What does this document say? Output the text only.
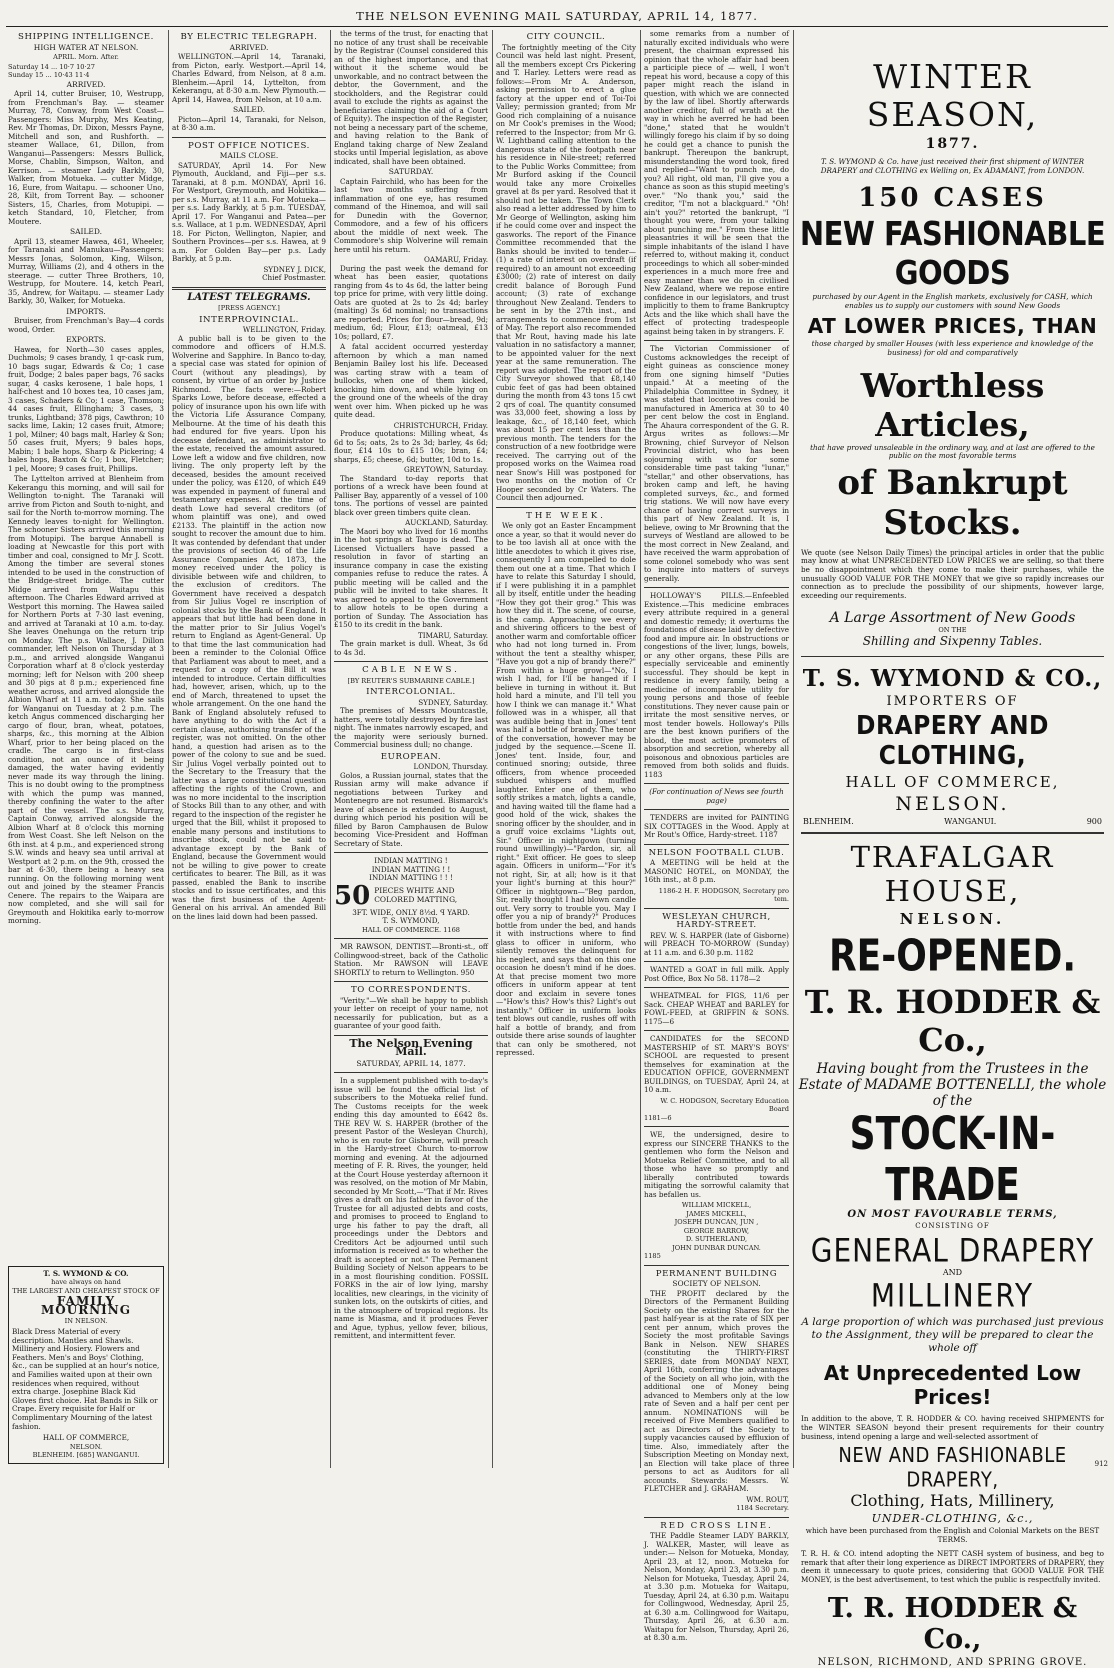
THE NELSON EVENING MAIL SATURDAY, APRIL 14, 1877.
SHIPPING INTELLIGENCE.
HIGH WATER AT NELSON.
APRIL. Morn. After.
Saturday 14 ... 10·7 10·27
Sunday 15 ... 10·43 11·4
ARRIVED.

April 14, cutter Bruiser, 10, Westrupp, from Frenchman's Bay. — steamer Murray, 78, Conway, from West Coast—Passengers: Miss Murphy, Mrs Keating, Rev. Mr Thomas, Dr. Dixon, Messrs Payne, Mitchell and son, and Rushforth. — steamer Wallace, 61, Dillon, from Wanganui—Passengers: Messrs Bullick, Morse, Chablin, Simpson, Walton, and Kerrison. — steamer Lady Barkly, 30, Walker, from Motueka. — cutter Midge, 16, Eure, from Waitapu. — schooner Uno, 28, Kilt, from Torrent Bay. — schooner Sisters, 15, Charles, from Motupipi. — ketch Standard, 10, Fletcher, from Moutere.

SAILED.

April 13, steamer Hawea, 461, Wheeler, for Taranaki and Manukau—Passengers: Messrs Jonas, Solomon, King, Wilson, Murray, Williams (2), and 4 others in the steerage. — cutter Three Brothers, 10, Westrupp, for Moutere. 14, ketch Pearl, 35, Andrew, for Waitapu. — steamer Lady Barkly, 30, Walker, for Motueka.

IMPORTS.

Bruiser, from Frenchman's Bay—4 cords wood, Order.

EXPORTS.

Hawea, for North—30 cases apples, Duchmols; 9 cases brandy, 1 qr-cask rum, 10 bags sugar, Edwards & Co; 1 case fruit, Dodge; 2 bales paper bags, 76 sacks sugar, 4 casks kerosene, 1 bale hops, 1 half-chest and 10 boxes tea, 10 cases jam, 3 cases, Schaders & Co; 1 case, Thomson; 44 cases fruit, Ellingham; 3 cases, 3 trunks, Lightband; 378 pigs, Cawthron; 10 sacks lime, Lakin; 12 cases fruit, Atmore; 1 pol, Milner; 40 bags malt, Harley & Son; 50 cases fruit, Myers; 9 bales hops, Mabin; 1 bale hops, Sharp & Pickering; 4 bales hops, Baxton & Co; 1 box, Fletcher; 1 pel, Moore; 9 cases fruit, Phillips.

The Lyttelton arrived at Blenheim from Kekerangu this morning, and will sail for Wellington to-night. The Taranaki will arrive from Picton and South to-night, and sail for the North to-morrow morning. The Kennedy leaves to-night for Wellington. The schooner Sisters arrived this morning from Motupipi. The barque Annabell is loading at Newcastle for this port with timber and coal, consigned to Mr J. Scott. Among the timber are several stones intended to be used in the construction of the Bridge-street bridge. The cutter Midge arrived from Waitapu this afternoon. The Charles Edward arrived at Westport this morning. The Hawea sailed for Northern Ports at 7·30 last evening, and arrived at Taranaki at 10 a.m. to-day. She leaves Onehunga on the return trip on Monday. The p.s. Wallace, J. Dillon commander, left Nelson on Thursday at 3 p.m., and arrived alongside Wanganui Corporation wharf at 8 o'clock yesterday morning; left for Nelson with 200 sheep and 30 pigs at 8 p.m.; experienced fine weather across, and arrived alongside the Albion Wharf at 11 a.m. today. She sails for Wanganui on Tuesday at 2 p.m. The ketch Angus commenced discharging her cargo of flour, bran, wheat, potatoes, sharps, &c., this morning at the Albion Wharf, prior to her being placed on the cradle. The cargo is in first-class condition, not an ounce of it being damaged, the water having evidently never made its way through the lining. This is no doubt owing to the promptness with which the pump was manned, thereby confining the water to the after part of the vessel. The s.s. Murray, Captain Conway, arrived alongside the Albion Wharf at 8 o'clock this morning from West Coast. She left Nelson on the 6th inst. at 4 p.m., and experienced strong S.W. winds and heavy sea until arrival at Westport at 2 p.m. on the 9th, crossed the bar at 6·30, there being a heavy sea running. On the following morning went out and joined by the steamer Francis Cenere. The repairs to the Waipara are now completed, and she will sail for Greymouth and Hokitika early to-morrow morning.

T. S. WYMOND & CO.
have always on hand
THE LARGEST AND CHEAPEST STOCK OF
FAMILY MOURNING
IN NELSON.
Black Dress Material of every description. Mantles and Shawls. Millinery and Hosiery. Flowers and Feathers. Men's and Boys' Clothing, &c., can be supplied at an hour's notice, and Families waited upon at their own residences when required, without extra charge. Josephine Black Kid Gloves first choice. Hat Bands in Silk or Crape. Every requisite for Half or Complimentary Mourning of the latest fashion.
HALL OF COMMERCE,
NELSON.
BLENHEIM. [685] WANGANUI.
BY ELECTRIC TELEGRAPH.
ARRIVED.

WELLINGTON.—April 14, Taranaki, from Picton, early. Westport.—April 14, Charles Edward, from Nelson, at 8 a.m. Blenheim.—April 14, Lyttelton, from Kekerangu, at 8·30 a.m. New Plymouth.—April 14, Hawea, from Nelson, at 10 a.m.

SAILED.

Picton—April 14, Taranaki, for Nelson, at 8·30 a.m.

POST OFFICE NOTICES.
MAILS CLOSE.

SATURDAY, April 14. For New Plymouth, Auckland, and Fiji—per s.s. Taranaki, at 8 p.m. MONDAY, April 16. For Westport, Greymouth, and Hokitika—per s.s. Murray, at 11 a.m. For Motueka—per s.s. Lady Barkly, at 5 p.m. TUESDAY, April 17. For Wanganui and Patea—per s.s. Wallace, at 1 p.m. WEDNESDAY, April 18. For Picton, Wellington, Napier, and Southern Provinces—per s.s. Hawea, at 9 a.m. For Golden Bay—per p.s. Lady Barkly, at 5 p.m.

SYDNEY J. DICK,
Chief Postmaster.
LATEST TELEGRAMS.
[PRESS AGENCY.]
INTERPROVINCIAL.
WELLINGTON, Friday.

A public ball is to be given to the commodore and officers of H.M.S. Wolverine and Sapphire. In Banco to-day, a special case was stated for opinion of Court (without any pleadings), by consent, by virtue of an order by Justice Richmond. The facts were:—Robert Sparks Lowe, before decease, effected a policy of insurance upon his own life with the Victoria Life Assurance Company, Melbourne. At the time of his death this had endured for five years. Upon his decease defendant, as administrator to the estate, received the amount assured. Lowe left a widow and five children, now living. The only property left by the deceased, besides the amount received under the policy, was £120, of which £49 was expended in payment of funeral and testamentary expenses. At the time of death Lowe had several creditors (of whom plaintiff was one), and owed £2133. The plaintiff in the action now sought to recover the amount due to him. It was contended by defendant that under the provisions of section 46 of the Life Assurance Companies Act, 1873, the money received under the policy is divisible between wife and children, to the exclusion of creditors. The Government have received a despatch from Sir Julius Vogel re inscription of colonial stocks by the Bank of England. It appears that but little had been done in the matter prior to Sir Julius Vogel's return to England as Agent-General. Up to that time the last communication had been a reminder to the Colonial Office that Parliament was about to meet, and a request for a copy of the Bill it was intended to introduce. Certain difficulties had, however, arisen, which, up to the end of March, threatened to upset the whole arrangement. On the one hand the Bank of England absolutely refused to have anything to do with the Act if a certain clause, authorising transfer of the register, was not omitted. On the other hand, a question had arisen as to the power of the colony to sue and be sued. Sir Julius Vogel verbally pointed out to the Secretary to the Treasury that the latter was a large constitutional question affecting the rights of the Crown, and was no more incidental to the inscription of Stocks Bill than to any other, and with regard to the inspection of the register he urged that the Bill, whilst it proposed to enable many persons and institutions to inscribe stock, could not be said to advantage except by the Bank of England, because the Government would not be willing to give power to create certificates to bearer. The Bill, as it was passed, enabled the Bank to inscribe stocks and to issue certificates, and this was the first business of the Agent-General on his arrival. An amended Bill on the lines laid down had been passed.

the terms of the trust, for enacting that no notice of any trust shall be receivable by the Registrar (Counsel considered this an of the highest importance, and that without it the scheme would be unworkable, and no contract between the debtor, the Government, and the stockholders, and the Registrar could avail to exclude the rights as against the beneficiaries claiming the aid of a Court of Equity). The inspection of the Register, not being a necessary part of the scheme, and having relation to the Bank of England taking charge of New Zealand stocks until Imperial legislation, as above indicated, shall have been obtained.

SATURDAY.

Captain Fairchild, who has been for the last two months suffering from inflammation of one eye, has resumed command of the Hinemoa, and will sail for Dunedin with the Governor, Commodore, and a few of his officers about the middle of next week. The Commodore's ship Wolverine will remain here until his return.

OAMARU, Friday.

During the past week the demand for wheat has been easier, quotations ranging from 4s to 4s 6d, the latter being top price for prime, with very little doing. Oats are quoted at 2s to 2s 4d; barley (malting) 3s 6d nominal; no transactions are reported. Prices for flour—bread, 9d; medium, 6d; Flour, £13; oatmeal, £13 10s; pollard, £7.

A fatal accident occurred yesterday afternoon by which a man named Benjamin Bailey lost his life. Deceased was carting straw with a team of bullocks, when one of them kicked, knocking him down, and while lying on the ground one of the wheels of the dray went over him. When picked up he was quite dead.

CHRISTCHURCH, Friday.

Produce quotations: Milling wheat, 4s 6d to 5s; oats, 2s to 2s 3d; barley, 4s 6d; flour, £14 10s to £15 10s; bran, £4; sharps, £5; cheese, 6d; butter, 10d to 1s.

GREYTOWN, Saturday.

The Standard to-day reports that portions of a wreck have been found at Palliser Bay, apparently of a vessel of 100 tons. The portions of vessel are painted black over green timbers quite clean.

AUCKLAND, Saturday.

The Maori boy who lived for 16 months in the hot springs at Taupo is dead. The Licensed Victuallers have passed a resolution in favor of starting an insurance company in case the existing companies refuse to reduce the rates. A public meeting will be called and the public will be invited to take shares. It was agreed to appeal to the Government to allow hotels to be open during a portion of Sunday. The Association has £150 to its credit in the bank.

TIMARU, Saturday.

The grain market is dull. Wheat, 3s 6d to 4s 3d.

CABLE NEWS.
[BY REUTER'S SUBMARINE CABLE.]
INTERCOLONIAL.
SYDNEY, Saturday.

The premises of Messrs Mountcastle, hatters, were totally destroyed by fire last night. The inmates narrowly escaped, and the majority were seriously burned. Commercial business dull; no change.

EUROPEAN.
LONDON, Thursday.

Golos, a Russian journal, states that the Russian army will make advance if negotiations between Turkey and Montenegro are not resumed. Bismarck's leave of absence is extended to August, during which period his position will be filled by Baron Camphausen de Bulow becoming Vice-President and Hoffman Secretary of State.

INDIAN MATTING !
INDIAN MATTING ! !
INDIAN MATTING ! ! !
50 PIECES WHITE AND COLORED MATTING,
3FT. WIDE, ONLY 8½d. ꟼ YARD.
T. S. WYMOND,
HALL OF COMMERCE. 1168

MR RAWSON, DENTIST.—Bronti-st., off Collingwood-street, back of the Catholic Station. Mr RAWSON will LEAVE SHORTLY to return to Wellington. 950

TO CORRESPONDENTS.

"Verity."—We shall be happy to publish your letter on receipt of your name, not necessarily for publication, but as a guarantee of your good faith.

The Nelson Evening Mail.
SATURDAY, APRIL 14, 1877.

In a supplement published with to-day's issue will be found the official list of subscribers to the Motueka relief fund. The Customs receipts for the week ending this day amounted to £642 8s. THE REV W. S. HARPER (brother of the present Pastor of the Wesleyan Church), who is en route for Gisborne, will preach in the Hardy-street Church to-morrow morning and evening. At the adjourned meeting of F. R. Rives, the younger, held at the Court House yesterday afternoon it was resolved, on the motion of Mr Mabin, seconded by Mr Scott,—"That if Mr. Rives gives a draft on his father in favor of the Trustee for all adjusted debts and costs, and promises to proceed to England to urge his father to pay the draft, all proceedings under the Debtors and Creditors Act be adjourned until such information is received as to whether the draft is accepted or not." The Permanent Building Society of Nelson appears to be in a most flourishing condition. FOSSIL FORKS in the air of low lying, marshy localities, new clearings, in the vicinity of sunken lots, on the outskirts of cities, and in the atmosphere of tropical regions. Its name is Miasma, and it produces Fever and Ague, typhus, yellow fever, bilious, remittent, and intermittent fever.

CITY COUNCIL.

The fortnightly meeting of the City Council was held last night. Present, all the members except Crs Pickering and T. Harley. Letters were read as follows:—From Mr A. Anderson, asking permission to erect a glue factory at the upper end of Toi-Toi Valley; permission granted; from Mr Good rich complaining of a nuisance on Mr Cook's premises in the Wood; referred to the Inspector; from Mr G. W. Lightband calling attention to the dangerous state of the footpath near his residence in Nile-street; referred to the Public Works Committee; from Mr Burford asking if the Council would take any more Croixelles gravel at 8s per yard. Resolved that it should not be taken. The Town Clerk also read a letter addressed by him to Mr George of Wellington, asking him if he could come over and inspect the gasworks. The report of the Finance Committee recommended that the Banks should be invited to tender—(1) a rate of interest on overdraft (if required) to an amount not exceeding £3000; (2) rate of interest on daily credit balance of Borough Fund account; (3) rate of exchange throughout New Zealand. Tenders to be sent in by the 27th inst., and arrangements to commence from 1st of May. The report also recommended that Mr Rout, having made his late valuation in no satisfactory a manner, to be appointed valuer for the next year at the same remuneration. The report was adopted. The report of the City Surveyor showed that £8,140 cubic feet of gas had been obtained during the month from 43 tons 15 cwt 2 qrs of coal. The quantity consumed was 33,000 feet, showing a loss by leakage, &c., of 18,140 feet, which was about 15 per cent less than the previous month. The tenders for the construction of a new footbridge were received. The carrying out of the proposed works on the Waimea road near Snow's Hill was postponed for two months on the motion of Cr Hooper seconded by Cr Waters. The Council then adjourned.

THE WEEK.

We only got an Easter Encampment once a year, so that it would never do to be too lavish all at once with the little anecdotes to which it gives rise, consequently I am compelled to dole them out one at a time. That which I have to relate this Saturday I should, if I were publishing it in a pamphlet all by itself, entitle under the heading "How they got their grog." This was how they did it. The scene, of course, is the camp. Approaching we every and shivering officers to the best of another warm and comfortable officer who had not long turned in. From without the tent a stealthy whisper, "Have you got a nip of brandy there?" From within a huge growl—"No, I wish I had, for I'll be hanged if I believe in turning in without it. But hold hard a minute, and I'll tell you how I think we can manage it." What followed was in a whisper, all that was audible being that in Jones' tent was half a bottle of brandy. The tenor of the conversation, however may be judged by the sequence.—Scene II. Jones' tent. Inside, four, and continued snoring; outside, three officers, from whence proceeded subdued whispers and muffled laughter. Enter one of them, who softly strikes a match, lights a candle, and having waited till the flame had a good hold of the wick, shakes the snoring officer by the shoulder, and in a gruff voice exclaims "Lights out, Sir." Officer in nightgown (turning round unwillingly)—"Pardon, sir, all right." Exit officer. He goes to sleep again. Officers in uniform—"For it's not right, Sir, at all; how is it that your light's burning at this hour?" Officer in nightgown—"Beg pardon, Sir, really thought I had blown candle out. Very sorry to trouble you. May I offer you a nip of brandy?" Produces bottle from under the bed, and hands it with instructions where to find glass to officer in uniform, who silently removes the delinquent for his neglect, and says that on this one occasion he doesn't mind if he does. At that precise moment two more officers in uniform appear at tent door and exclaim in severe tones—"How's this? How's this? Light's out instantly." Officer in uniform looks tent blows out candle, rushes off with half a bottle of brandy, and from outside there arise sounds of laughter that can only be smothered, not repressed.

some remarks from a number of naturally excited individuals who were present, the chairman expressed his opinion that the whole affair had been a participle piece of — well, I won't repeat his word, because a copy of this paper might reach the island in question, with which we are connected by the law of libel. Shortly afterwards another creditor, full of wrath at the way in which he averred he had been "done," stated that he wouldn't willingly forego his claim if by so doing he could get a chance to punish the bankrupt. Thereupon the bankrupt, misunderstanding the word took, fired and replied—"Want to punch me, do you? All right, old man, I'll give you a chance as soon as this stupid meeting's over." "No thank you," said the creditor, "I'm not a blackguard." "Oh! ain't you?" retorted the bankrupt, "I thought you were, from your talking about punching me." From these little pleasantries it will be seen that the simple inhabitants of the island I have referred to, without making it, conduct proceedings to which all sober-minded experiences in a much more free and easy manner than we do in civilised New Zealand, where we repose entire confidence in our legislators, and trust implicitly to them to frame Bankruptcy Acts and the like which shall have the effect of protecting tradespeople against being taken in by strangers. F.

The Victorian Commissioner of Customs acknowledges the receipt of eight guineas as conscience money from one signing himself "Duties unpaid." At a meeting of the Philadelphia Committee in Sydney, it was stated that locomotives could be manufactured in America at 30 to 40 per cent below the cost in England. The Ahaura correspondent of the G. R. Argus writes as follows:—Mr Browning, chief Surveyor of Nelson Provincial district, who has been sojourning with us for some considerable time past taking "lunar," "stellar," and other observations, has broken camp and left, he having completed surveys, &c., and formed trig stations. We will now have every chance of having correct surveys in this part of New Zealand. It is, I believe, owing to Mr Browning that the surveys of Westland are allowed to be the most correct in New Zealand, and have received the warm approbation of some colonel somebody who was sent to inquire into matters of surveys generally.

HOLLOWAY'S PILLS.—Enfeebled Existence.—This medicine embraces every attribute required in a general and domestic remedy; it overturns the foundations of disease laid by defective food and impure air. In obstructions or congestions of the liver, lungs, bowels, or any other organs, these Pills are especially serviceable and eminently successful. They should be kept in residence in every family, being a medicine of incomparable utility for young persons and those of feeble constitutions. They never cause pain or irritate the most sensitive nerves, or most tender bowels. Holloway's Pills are the best known purifiers of the blood, the most active promoters of absorption and secretion, whereby all poisonous and obnoxious particles are removed from both solids and fluids. 1183

(For continuation of News see fourth page)

TENDERS are invited for PAINTING SIX COTTAGES in the Wood. Apply at Mr Rout's Office, Hardy-street. 1187

NELSON FOOTBALL CLUB.

A MEETING will be held at the MASONIC HOTEL, on MONDAY, the 16th inst., at 8 p.m.

1186-2 H. F. HODGSON, Secretary pro tem.
WESLEYAN CHURCH, HARDY-STREET.

REV. W. S. HARPER (late of Gisborne) will PREACH TO-MORROW (Sunday) at 11 a.m. and 6.30 p.m. 1182

WANTED a GOAT in full milk. Apply Post Office, Box No 58. 1178—2

WHEATMEAL for FIGS, 11/6 per Sack. CHEAP WHEAT and BARLEY for FOWL-FEED, at GRIFFIN & SONS. 1175—6

CANDIDATES for the SECOND MASTERSHIP of ST. MARY'S BOYS' SCHOOL are requested to present themselves for examination at the EDUCATION OFFICE, GOVERNMENT BUILDINGS, on TUESDAY, April 24, at 10 a.m.

W. C. HODGSON, Secretary Education Board
1181—6

WE, the undersigned, desire to express our SINCERE THANKS to the gentlemen who form the Nelson and Motueka Relief Committee, and to all those who have so promptly and liberally contributed towards mitigating the sorrowful calamity that has befallen us.

WILLIAM MICKELL,
JAMES MICKELL,
JOSEPH DUNCAN, JUN ,
GEORGE BARROW,
D. SUTHERLAND,
JOHN DUNBAR DUNCAN.
1185
PERMANENT BUILDING
SOCIETY OF NELSON.

THE PROFIT declared by the Directors of the Permanent Building Society on the existing Shares for the past half-year is at the rate of SIX per cent per annum, which proves the Society the most profitable Savings Bank in Nelson. NEW SHARES (constituting the THIRTY-FIRST SERIES, date from MONDAY NEXT, April 16th, conferring the advantages of the Society on all who join, with the additional one of Money being advanced to Members only at the low rate of Seven and a half per cent per annum. NOMINATIONS will be received of Five Members qualified to act as Directors of the Society to supply vacancies caused by effluxion of time. Also, immediately after the Subscription Meeting on Monday next, an Election will take place of three persons to act as Auditors for all accounts. Stewards: Messrs. W. FLETCHER and J. GRAHAM.

WM. ROUT,
1184 Secretary.
RED CROSS LINE.

THE Paddle Steamer LADY BARKLY, J. WALKER, Master, will leave as under:— Nelson for Motueka, Monday, April 23, at 12, noon. Motueka for Nelson, Monday, April 23, at 3.30 p.m. Nelson for Motueka, Tuesday, April 24, at 3.30 p.m. Motueka for Waitapu, Tuesday, April 24, at 6.30 p.m. Waitapu for Collingwood, Wednesday, April 25, at 6.30 a.m. Collingwood for Waitapu, Thursday, April 26, at 6.30 a.m. Waitapu for Nelson, Thursday, April 26, at 8.30 a.m.

WINTER SEASON,
1877.
T. S. WYMOND & Co. have just received their first shipment of WINTER DRAPERY and CLOTHING ex Welling on, Ex ADAMANT, from LONDON.
150 CASES
NEW FASHIONABLE GOODS
purchased by our Agent in the English markets, exclusively for CASH, which enables us to supply our customers with sound New Goods
AT LOWER PRICES, THAN
those charged by smaller Houses (with less experience and knowledge of the business) for old and comparatively
Worthless Articles,
that have proved unsaleable in the ordinary way, and at last are offered to the public on the most favorable terms
of Bankrupt Stocks.
We quote (see Nelson Daily Times) the principal articles in order that the public may know at what UNPRECEDENTED LOW PRICES we are selling, so that there be no disappointment which they come to make their purchases, while the unusually GOOD VALUE FOR THE MONEY that we give so rapidly increases our connection as to preclude the possibility of our shipments, however large, exceeding our requirements.
A Large Assortment of New Goods
ON THE
Shilling and Sixpenny Tables.
T. S. WYMOND & CO.,
IMPORTERS OF
DRAPERY AND CLOTHING,
HALL OF COMMERCE,
NELSON.
BLENHEIM.	WANGANUI.	900
TRAFALGAR HOUSE,
NELSON.
RE-OPENED.
T. R. HODDER & Co.,
Having bought from the Trustees in the Estate of MADAME BOTTENELLI, the whole of the
STOCK-IN-TRADE
ON MOST FAVOURABLE TERMS,
CONSISTING OF
GENERAL DRAPERY
AND
MILLINERY
A large proportion of which was purchased just previous to the Assignment, they will be prepared to clear the whole off
At Unprecedented Low Prices!
In addition to the above, T. R. HODDER & CO. having received SHIPMENTS for the WINTER SEASON beyond their present requirements for their country business, intend opening a large and well-selected assortment of
NEW AND FASHIONABLE DRAPERY,
Clothing, Hats, Millinery,
UNDER-CLOTHING, &c.,
which have been purchased from the English and Colonial Markets on the BEST TERMS.
T. R. H. & CO. intend adopting the NETT CASH system of business, and beg to remark that after their long experience as DIRECT IMPORTERS of DRAPERY, they deem it unnecessary to quote prices, considering that GOOD VALUE FOR THE MONEY, is the best advertisement, to test which the public is respectfully invited.
T. R. HODDER & Co.,
NELSON, RICHMOND, AND SPRING GROVE.
912
